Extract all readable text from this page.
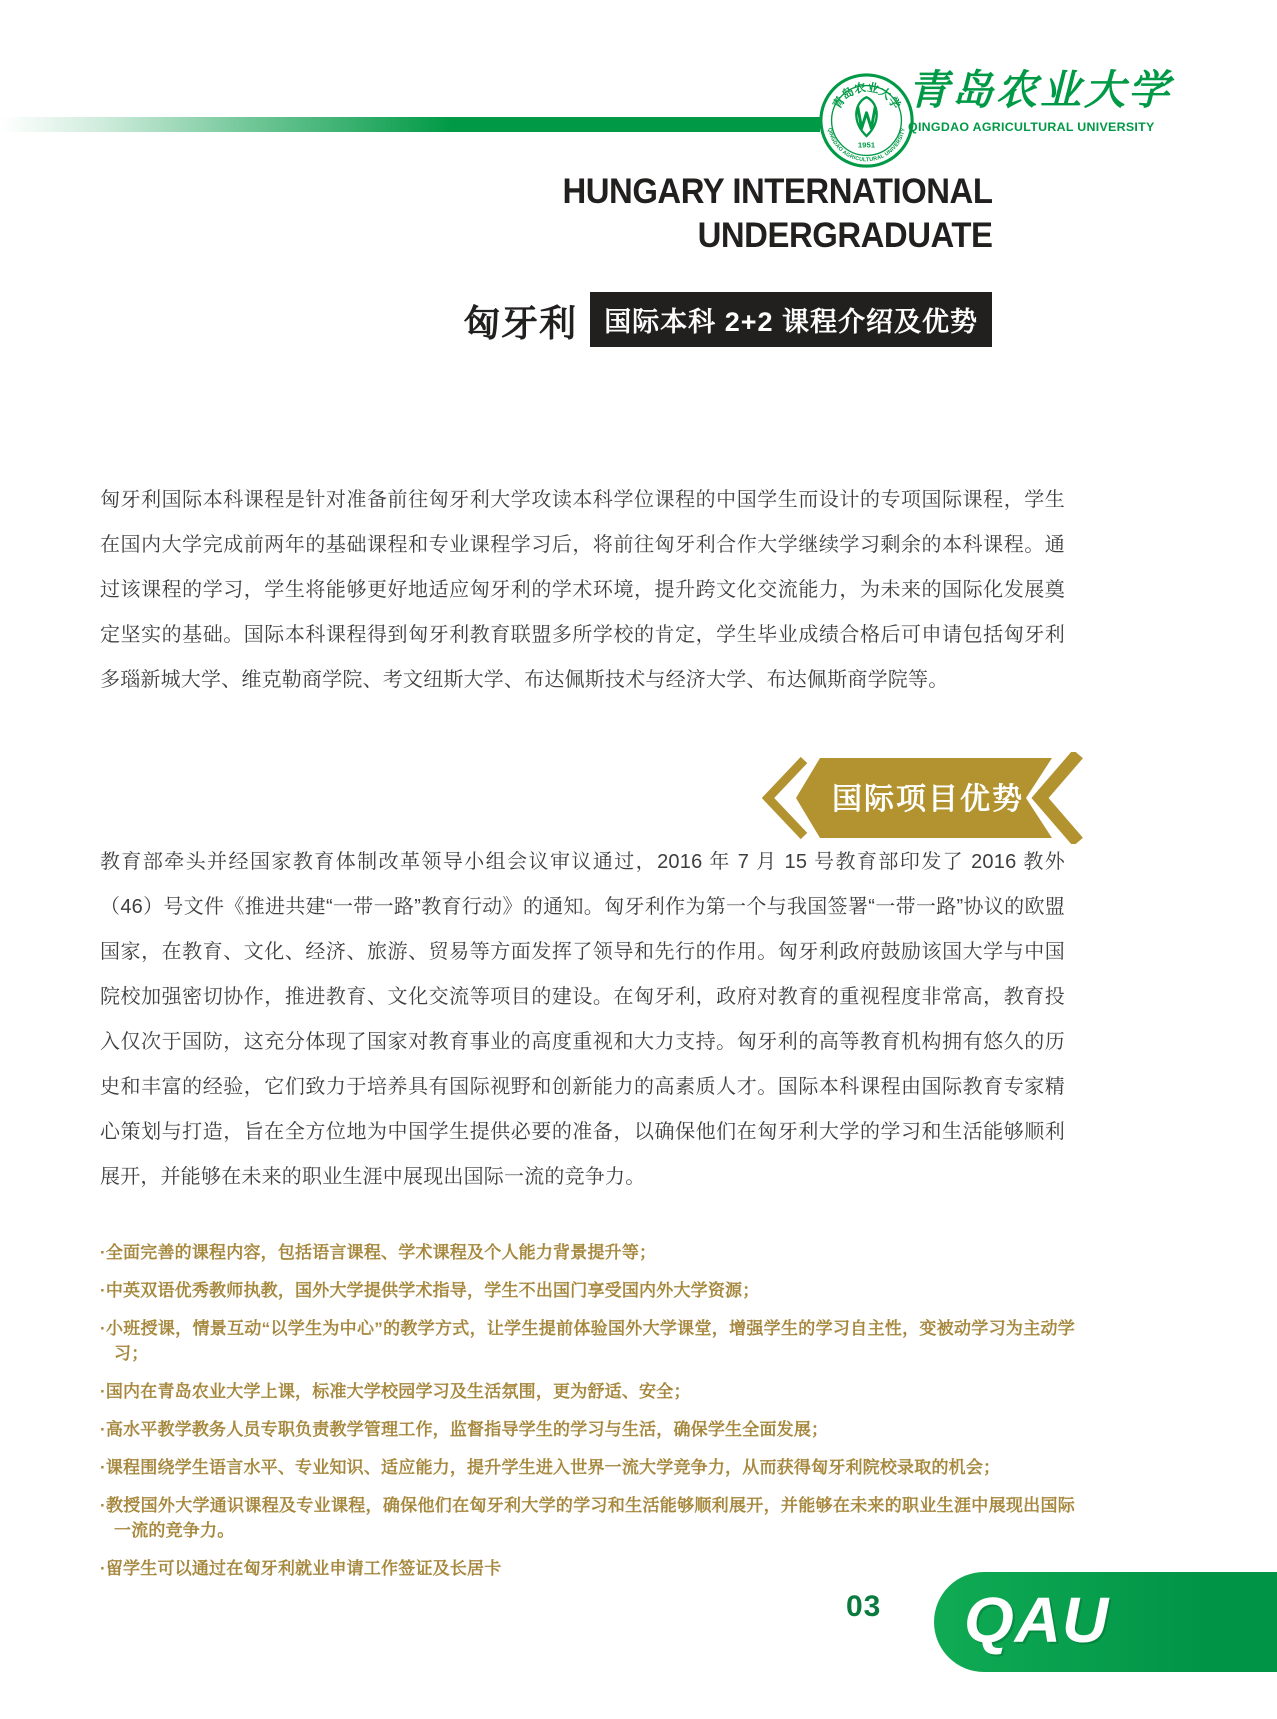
青岛农业大学
QINGDAO AGRICULTURAL UNIVERSITY
1951
青岛农业大学
QINGDAO AGRICULTURAL UNIVERSITY
HUNGARY INTERNATIONAL
UNDERGRADUATE
匈牙利	国际本科 2+2 课程介绍及优势
匈牙利国际本科课程是针对准备前往匈牙利大学攻读本科学位课程的中国学生而设计的专项国际课程，学生在国内大学完成前两年的基础课程和专业课程学习后，将前往匈牙利合作大学继续学习剩余的本科课程。通过该课程的学习，学生将能够更好地适应匈牙利的学术环境，提升跨文化交流能力，为未来的国际化发展奠定坚实的基础。国际本科课程得到匈牙利教育联盟多所学校的肯定，学生毕业成绩合格后可申请包括匈牙利多瑙新城大学、维克勒商学院、考文纽斯大学、布达佩斯技术与经济大学、布达佩斯商学院等。
国际项目优势
教育部牵头并经国家教育体制改革领导小组会议审议通过，2016 年 7 月 15 号教育部印发了 2016 教外（46）号文件《推进共建“一带一路”教育行动》的通知。匈牙利作为第一个与我国签署“一带一路”协议的欧盟国家，在教育、文化、经济、旅游、贸易等方面发挥了领导和先行的作用。匈牙利政府鼓励该国大学与中国院校加强密切协作，推进教育、文化交流等项目的建设。在匈牙利，政府对教育的重视程度非常高，教育投入仅次于国防，这充分体现了国家对教育事业的高度重视和大力支持。匈牙利的高等教育机构拥有悠久的历史和丰富的经验，它们致力于培养具有国际视野和创新能力的高素质人才。国际本科课程由国际教育专家精心策划与打造，旨在全方位地为中国学生提供必要的准备，以确保他们在匈牙利大学的学习和生活能够顺利展开，并能够在未来的职业生涯中展现出国际一流的竞争力。
·全面完善的课程内容，包括语言课程、学术课程及个人能力背景提升等；
·中英双语优秀教师执教，国外大学提供学术指导，学生不出国门享受国内外大学资源；
·小班授课，情景互动“以学生为中心”的教学方式，让学生提前体验国外大学课堂，增强学生的学习自主性，变被动学习为主动学习；
·国内在青岛农业大学上课，标准大学校园学习及生活氛围，更为舒适、安全；
·高水平教学教务人员专职负责教学管理工作，监督指导学生的学习与生活，确保学生全面发展；
·课程围绕学生语言水平、专业知识、适应能力，提升学生进入世界一流大学竞争力，从而获得匈牙利院校录取的机会；
·教授国外大学通识课程及专业课程，确保他们在匈牙利大学的学习和生活能够顺利展开，并能够在未来的职业生涯中展现出国际一流的竞争力。
·留学生可以通过在匈牙利就业申请工作签证及长居卡
03 QAU
